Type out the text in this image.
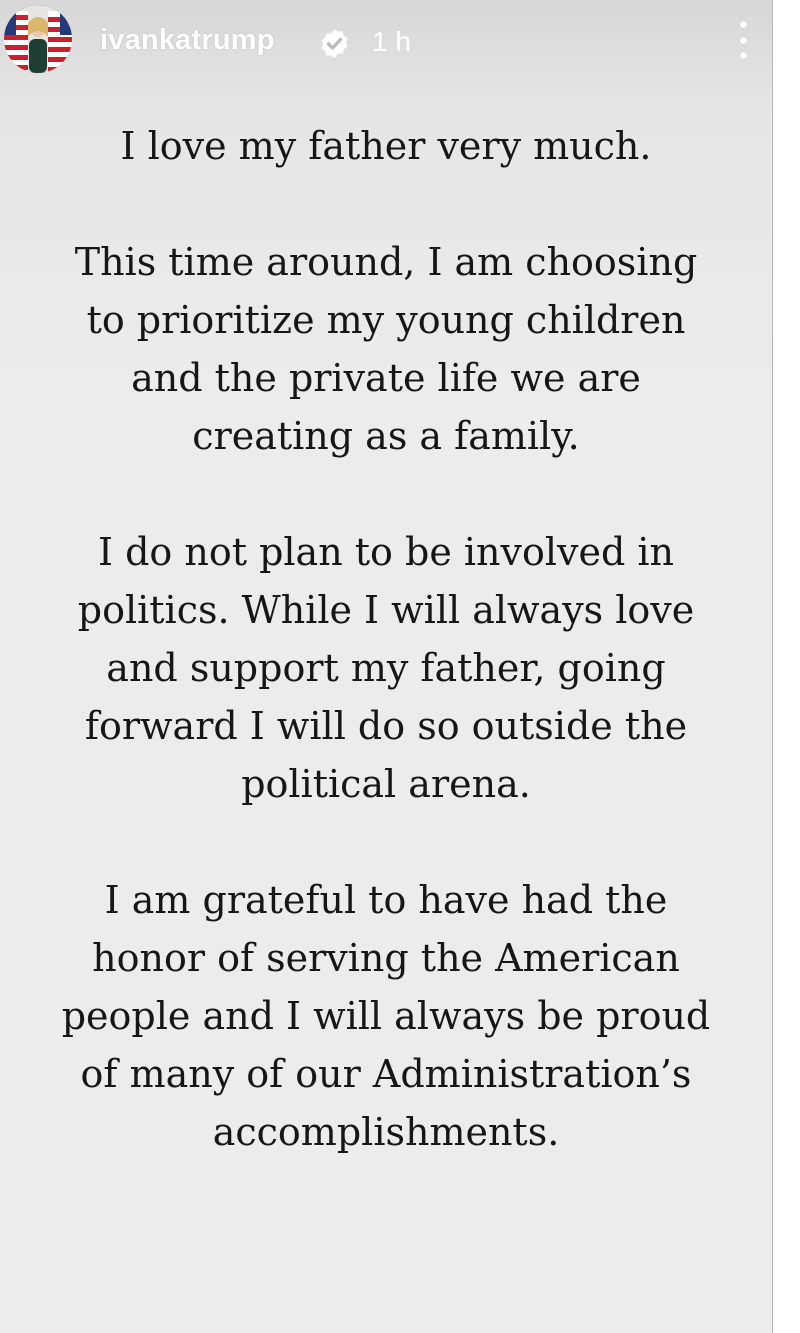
ivankatrump	1 h

I love my father very much.

This time around, I am choosing to prioritize my young children and the private life we are creating as a family.

I do not plan to be involved in politics. While I will always love and support my father, going forward I will do so outside the political arena.

I am grateful to have had the honor of serving the American people and I will always be proud of many of our Administration’s accomplishments.
